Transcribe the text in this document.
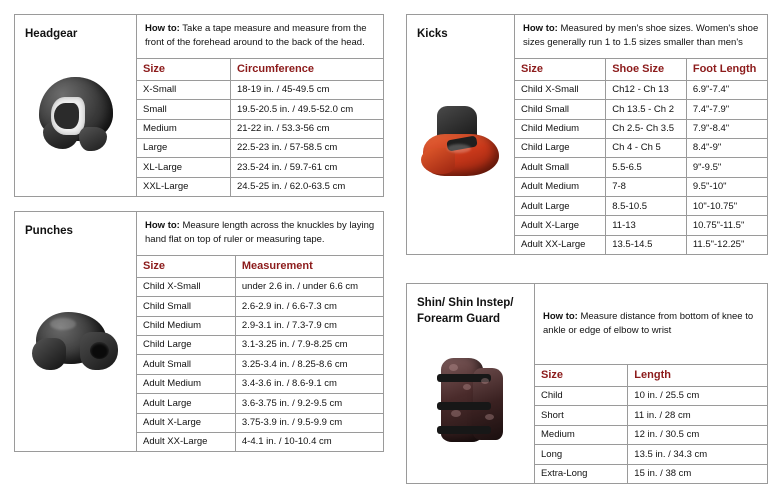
Headgear	How to: Take a tape measure and measure from the front of the forehead around to the back of the head.
Size	Circumference
X-Small	18-19 in. / 45-49.5 cm
Small	19.5-20.5 in. / 49.5-52.0 cm
Medium	21-22 in. / 53.3-56 cm
Large	22.5-23 in. / 57-58.5 cm
XL-Large	23.5-24 in. / 59.7-61 cm
XXL-Large	24.5-25 in. / 62.0-63.5 cm
Punches	How to: Measure length across the knuckles by laying hand flat on top of ruler or measuring tape.
Size	Measurement
Child X-Small	under 2.6 in. / under 6.6 cm
Child Small	2.6-2.9 in. / 6.6-7.3 cm
Child Medium	2.9-3.1 in. / 7.3-7.9 cm
Child Large	3.1-3.25 in. / 7.9-8.25 cm
Adult Small	3.25-3.4 in. / 8.25-8.6 cm
Adult Medium	3.4-3.6 in. / 8.6-9.1 cm
Adult Large	3.6-3.75 in. / 9.2-9.5 cm
Adult X-Large	3.75-3.9 in. / 9.5-9.9 cm
Adult XX-Large	4-4.1 in. / 10-10.4 cm
Kicks	How to: Measured by men's shoe sizes. Women's shoe sizes generally run 1 to 1.5 sizes smaller than men's
Size	Shoe Size	Foot Length
Child X-Small	Ch12 - Ch 13	6.9"-7.4"
Child Small	Ch 13.5 - Ch 2	7.4"-7.9"
Child Medium	Ch 2.5- Ch 3.5	7.9"-8.4"
Child Large	Ch 4 - Ch 5	8.4"-9"
Adult Small	5.5-6.5	9"-9.5"
Adult Medium	7-8	9.5"-10"
Adult Large	8.5-10.5	10"-10.75"
Adult X-Large	11-13	10.75"-11.5"
Adult XX-Large	13.5-14.5	11.5"-12.25"
Shin/ Shin Instep/ Forearm Guard	How to: Measure distance from bottom of knee to ankle or edge of elbow to wrist
Size	Length
Child	10 in. / 25.5 cm
Short	11 in. / 28 cm
Medium	12 in. / 30.5 cm
Long	13.5 in. / 34.3 cm
Extra-Long	15 in. / 38 cm
